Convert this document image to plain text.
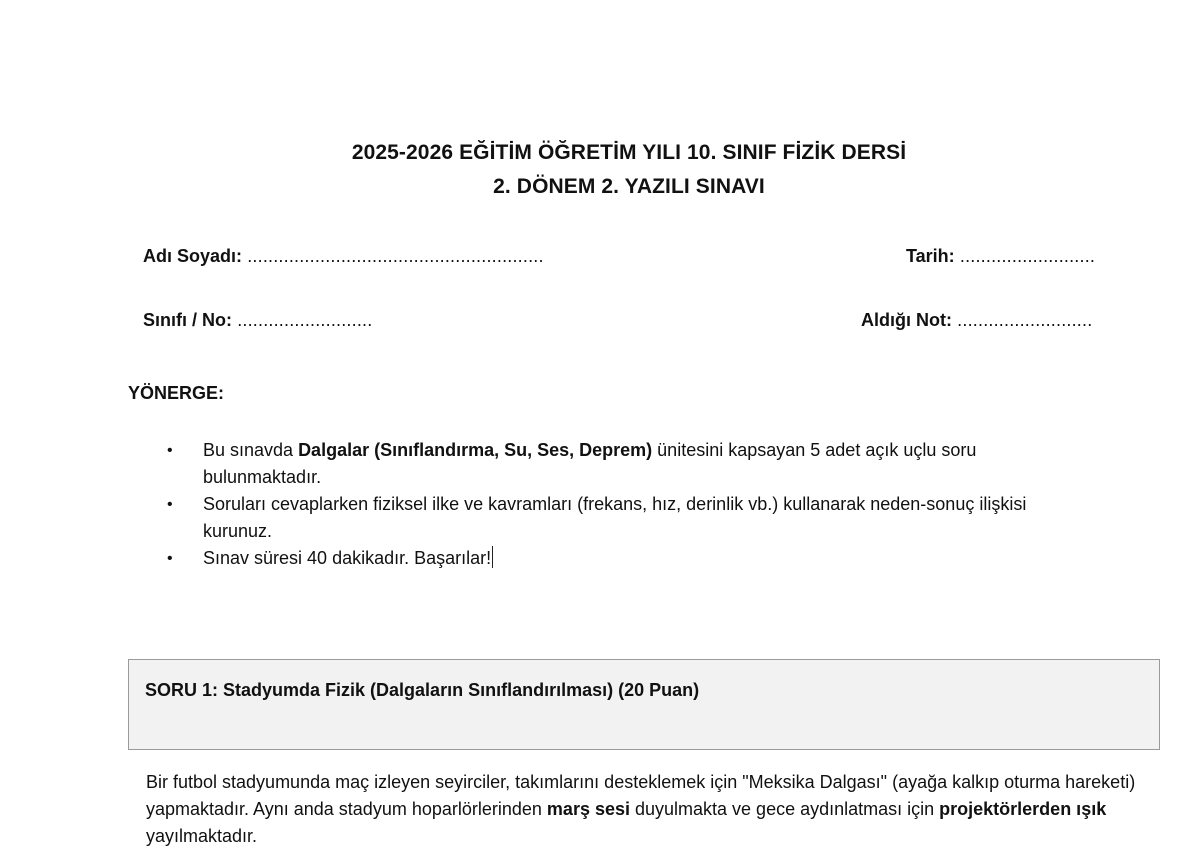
2025-2026 EĞİTİM ÖĞRETİM YILI 10. SINIF FİZİK DERSİ
2. DÖNEM 2. YAZILI SINAVI
Adı Soyadı: .........................................................	Tarih: ..........................
Sınıfı / No: ..........................	Aldığı Not: ..........................
YÖNERGE:
• Bu sınavda Dalgalar (Sınıflandırma, Su, Ses, Deprem) ünitesini kapsayan 5 adet açık uçlu soru bulunmaktadır.
• Soruları cevaplarken fiziksel ilke ve kavramları (frekans, hız, derinlik vb.) kullanarak neden-sonuç ilişkisi kurunuz.
• Sınav süresi 40 dakikadır. Başarılar!
SORU 1: Stadyumda Fizik (Dalgaların Sınıflandırılması) (20 Puan)
Bir futbol stadyumunda maç izleyen seyirciler, takımlarını desteklemek için "Meksika Dalgası" (ayağa kalkıp oturma hareketi) yapmaktadır. Aynı anda stadyum hoparlörlerinden marş sesi duyulmakta ve gece aydınlatması için projektörlerden ışık yayılmaktadır.
